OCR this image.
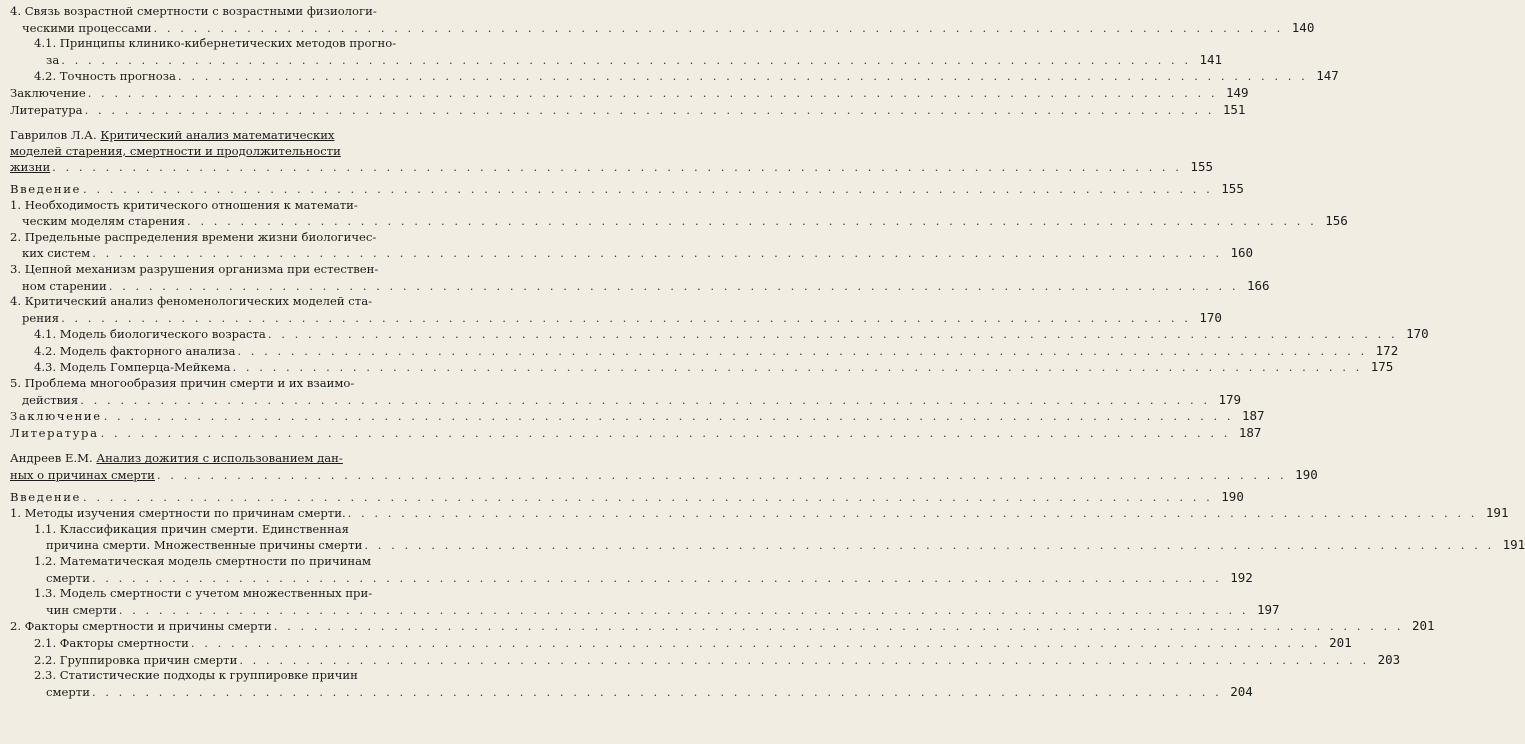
4. Связь возрастной смертности с возрастными физиологи-
ческими процессами . . .	140
4.1. Принципы клинико-кибернетических методов прогно-
за . . .	141
4.2. Точность прогноза . . .	147
Заключение . . .	149
Литература . . .	151
Гаврилов Л.А. Критический анализ математических
моделей старения, смертности и продолжительности
жизни . . .	155
Введение . . .	155
1. Необходимость критического отношения к математи-
ческим моделям старения . . .	156
2. Предельные распределения времени жизни биологичес-
ких систем . . .	160
3. Цепной механизм разрушения организма при естествен-
ном старении . . .	166
4. Критический анализ феноменологических моделей ста-
рения . . .	170
4.1. Модель биологического возраста . . .	170
4.2. Модель факторного анализа . . .	172
4.3. Модель Гомперца-Мейкема . . .	175
5. Проблема многообразия причин смерти и их взаимо-
действия . . .	179
Заключение . . .	187
Литература . . .	187
Андреев Е.М. Анализ дожития с использованием дан-
ных о причинах смерти . . .	190
Введение . . .	190
1. Методы изучения смертности по причинам смерти. . . .	191
1.1. Классификация причин смерти. Единственная
причина смерти. Множественные причины смерти . . .	191
1.2. Математическая модель смертности по причинам
смерти . . .	192
1.3. Модель смертности с учетом множественных при-
чин смерти . . .	197
2. Факторы смертности и причины смерти . . .	201
2.1. Факторы смертности . . .	201
2.2. Группировка причин смерти . . .	203
2.3. Статистические подходы к группировке причин
смерти . . .	204
